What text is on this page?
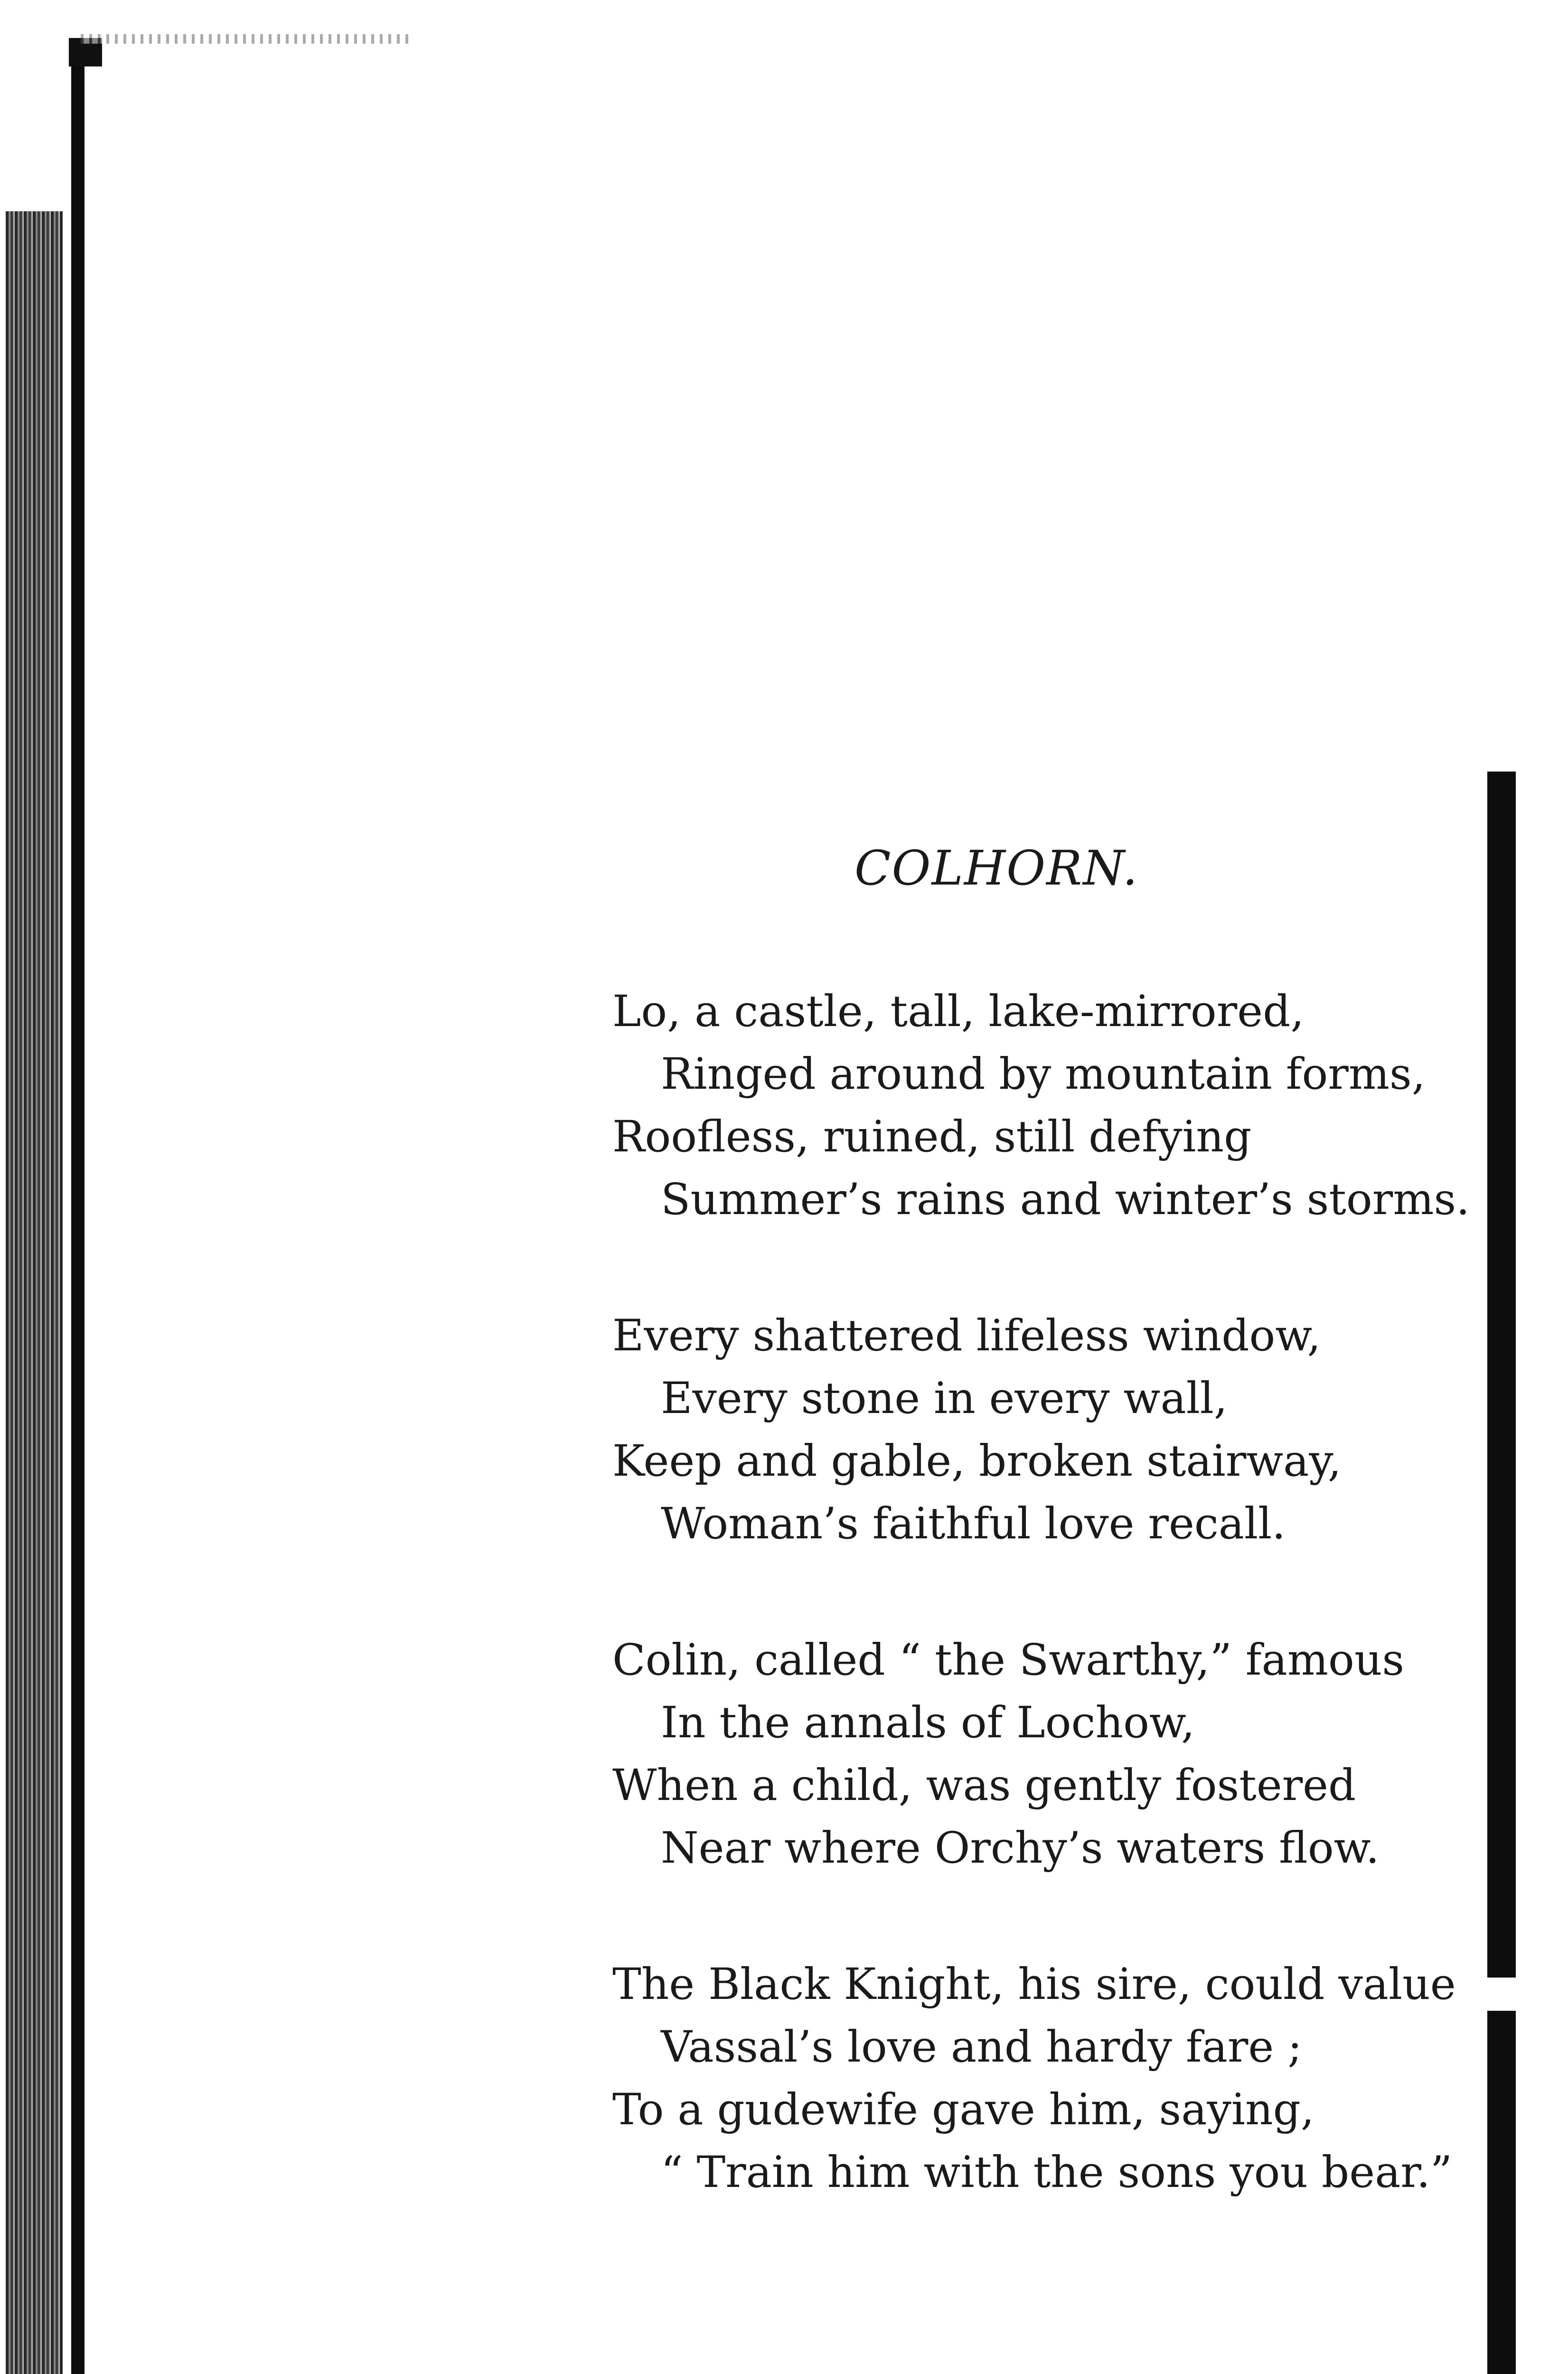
COLHORN.
Lo, a castle, tall, lake-mirrored,
Ringed around by mountain forms,
Roofless, ruined, still defying
Summer’s rains and winter’s storms.
Every shattered lifeless window,
Every stone in every wall,
Keep and gable, broken stairway,
Woman’s faithful love recall.
Colin, called “ the Swarthy,” famous
In the annals of Lochow,
When a child, was gently fostered
Near where Orchy’s waters flow.
The Black Knight, his sire, could value
Vassal’s love and hardy fare ;
To a gudewife gave him, saying,
“ Train him with the sons you bear.”
